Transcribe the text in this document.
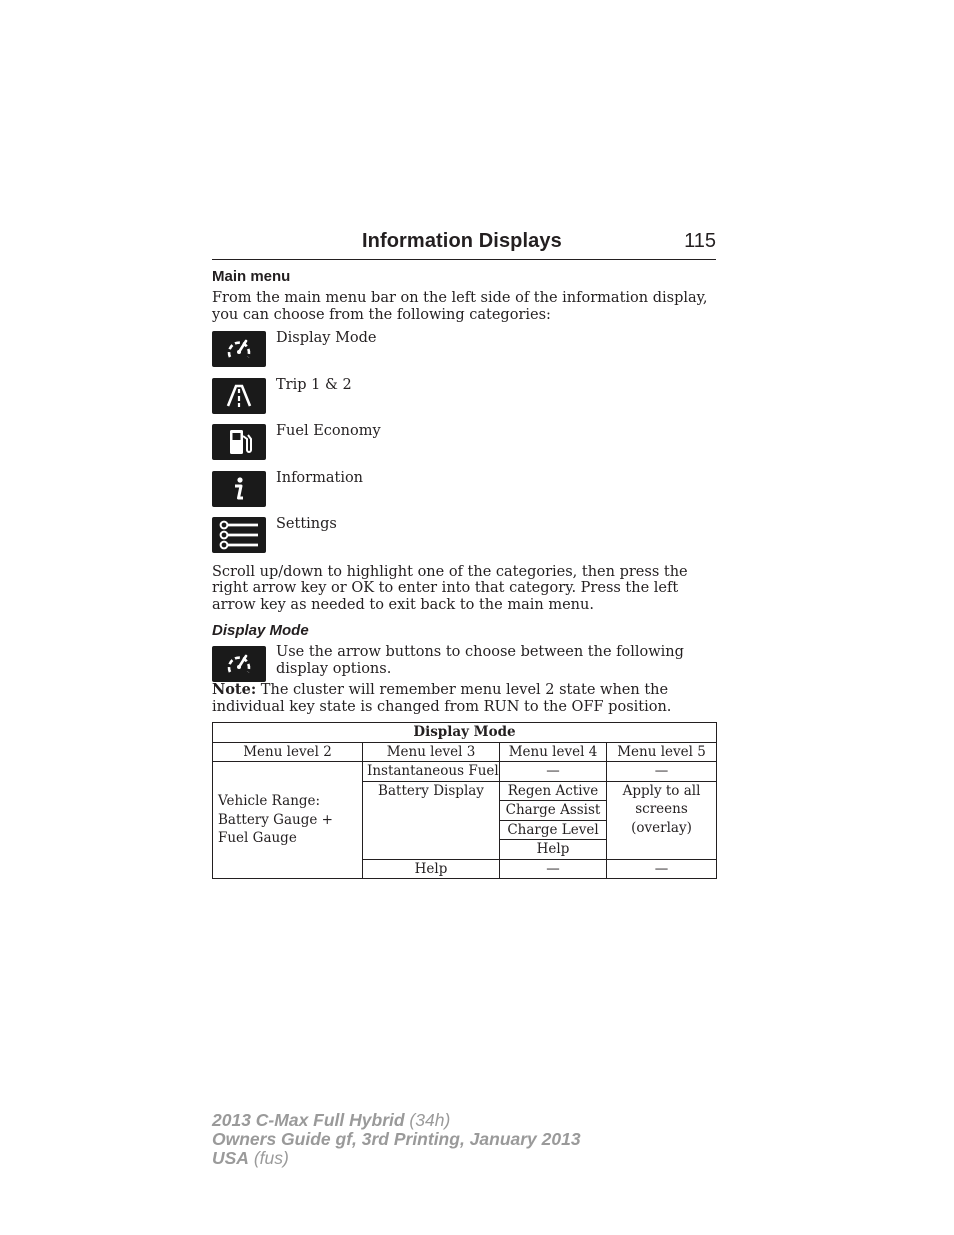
Information Displays	115
Main menu

From the main menu bar on the left side of the information display, you can choose from the following categories:

Display Mode
Trip 1 & 2
Fuel Economy
Information
Settings

Scroll up/down to highlight one of the categories, then press the right arrow key or OK to enter into that category. Press the left arrow key as needed to exit back to the main menu.

Display Mode
Use the arrow buttons to choose between the following display options.

Note: The cluster will remember menu level 2 state when the individual key state is changed from RUN to the OFF position.

Display Mode			
Menu level 2	Menu level 3	Menu level 4	Menu level 5
Vehicle Range: Battery Gauge + Fuel Gauge	Instantaneous Fuel	—	—
	Battery Display	Regen Active	Apply to all screens (overlay)
		Charge Assist	
		Charge Level	
		Help	
	Help	—	—
2013 C-Max Full Hybrid (34h)
Owners Guide gf, 3rd Printing, January 2013
USA (fus)
